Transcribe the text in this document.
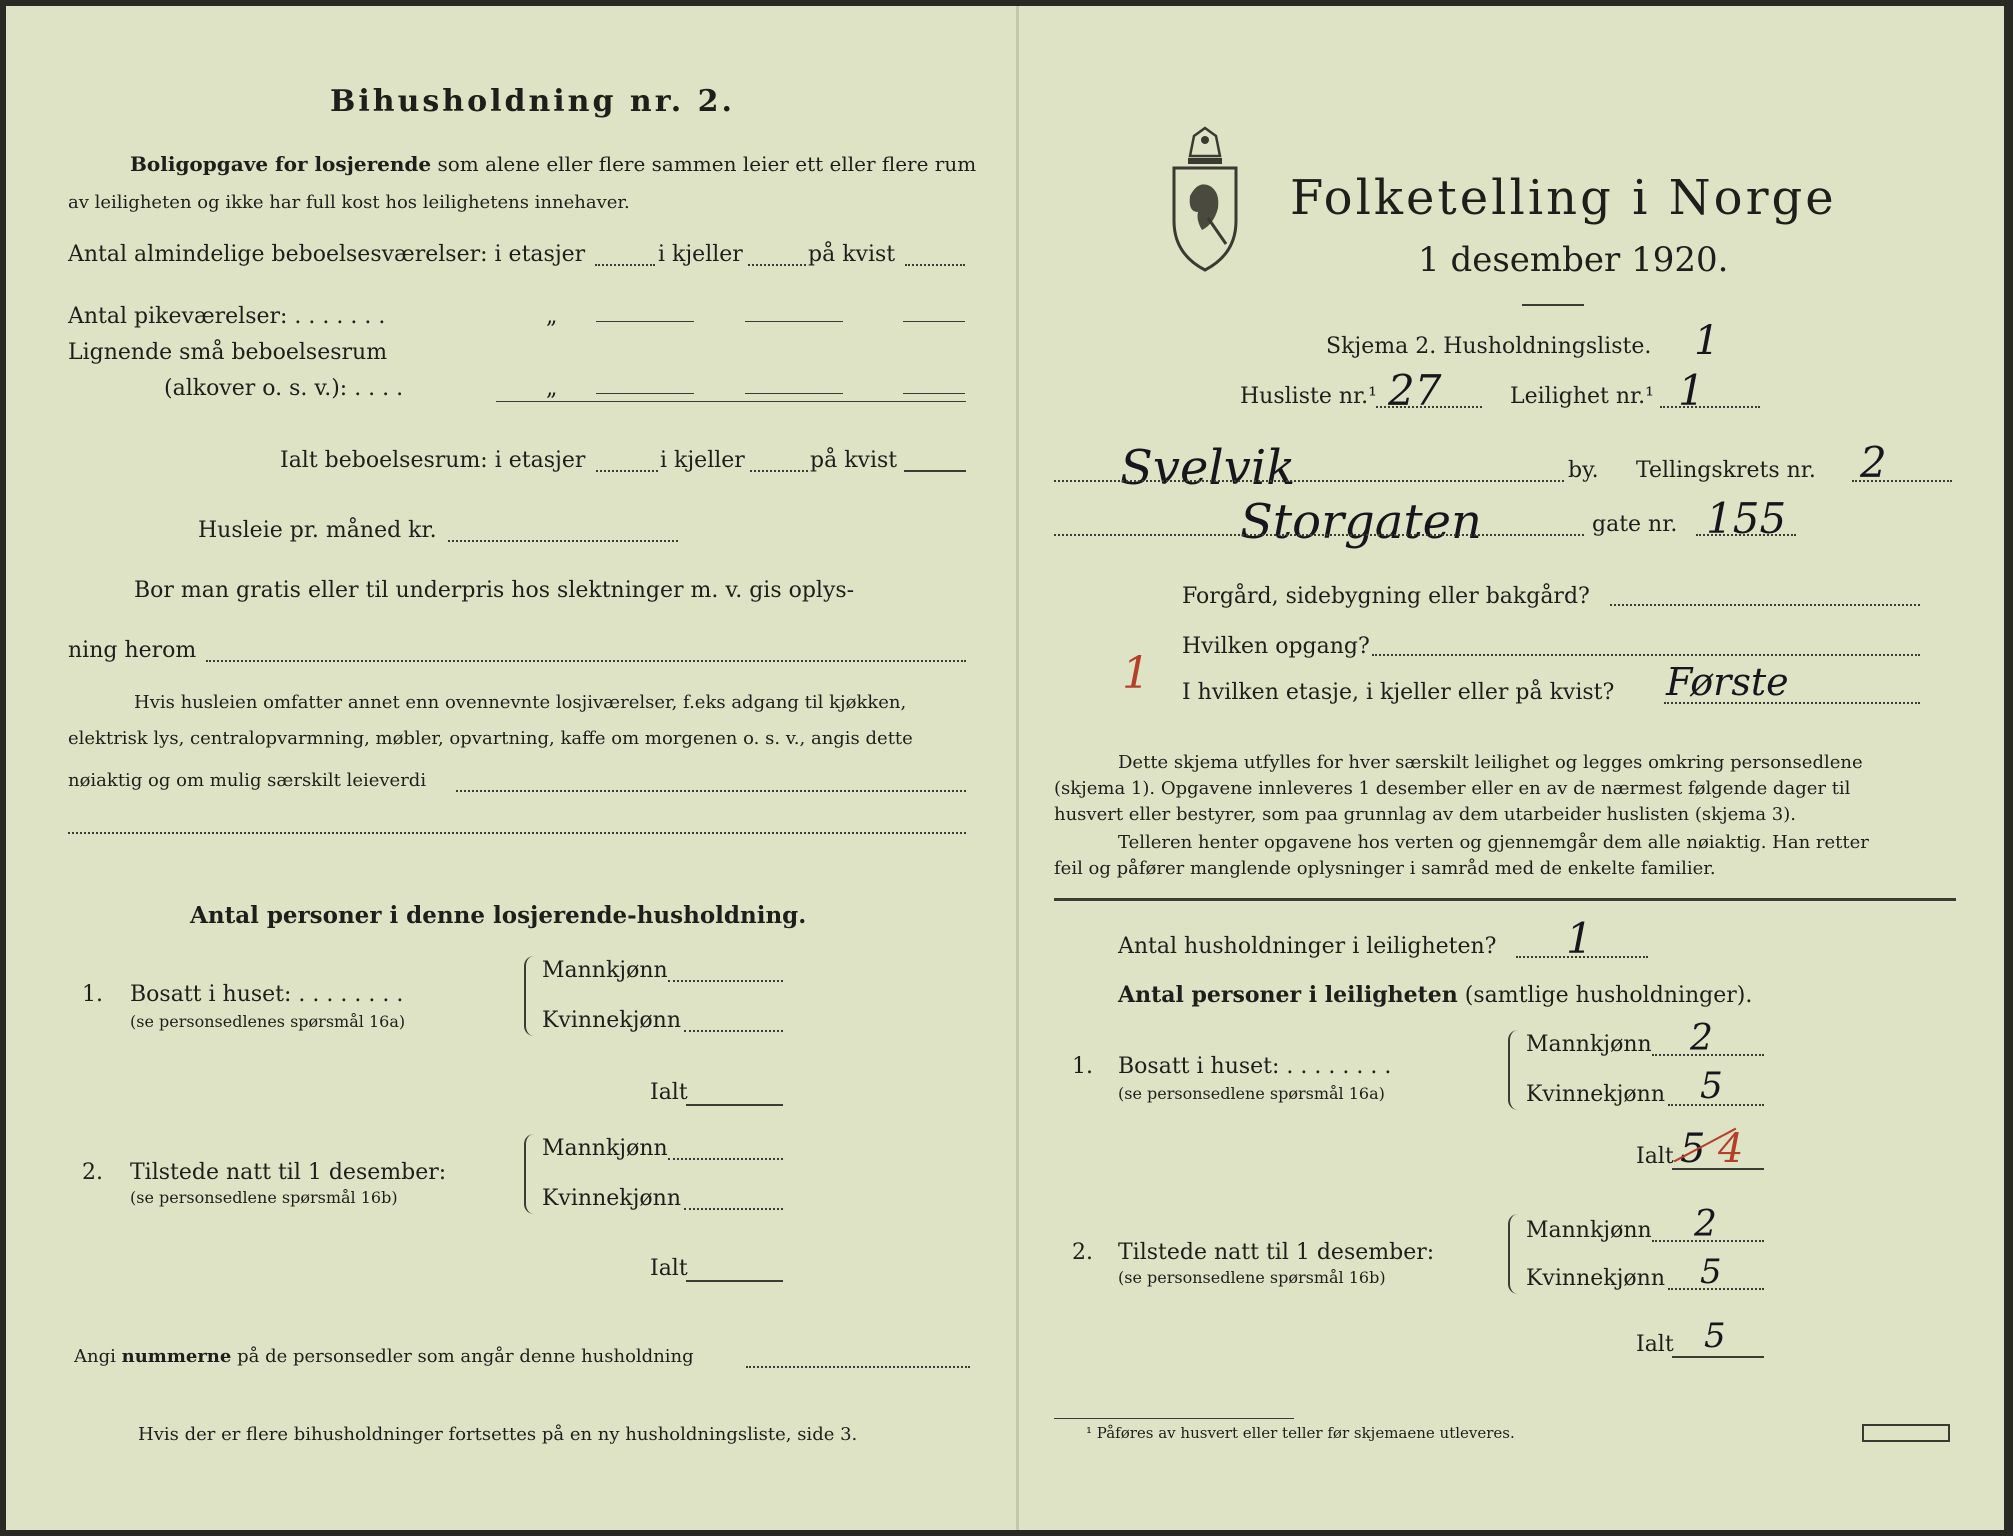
Bihusholdning nr. 2.
Boligopgave for losjerende som alene eller flere sammen leier ett eller flere rum
av leiligheten og ikke har full kost hos leilighetens innehaver.
Antal almindelige beboelsesværelser: i etasjer	i kjeller	på kvist
Antal pikeværelser: . . . . . . .	„
Lignende små beboelsesrum
(alkover o. s. v.): . . . .	„
Ialt beboelsesrum: i etasjer	i kjeller	på kvist
Husleie pr. måned kr.
Bor man gratis eller til underpris hos slektninger m. v. gis oplys-
ning herom
Hvis husleien omfatter annet enn ovennevnte losjiværelser, f.eks adgang til kjøkken,
elektrisk lys, centralopvarmning, møbler, opvartning, kaffe om morgenen o. s. v., angis dette
nøiaktig og om mulig særskilt leieverdi
Antal personer i denne losjerende-husholdning.
1. Bosatt i huset: . . . . . . . .
(se personsedlenes spørsmål 16a)
Mannkjønn
Kvinnekjønn
Ialt
2. Tilstede natt til 1 desember:
(se personsedlene spørsmål 16b)
Mannkjønn
Kvinnekjønn
Ialt
Angi nummerne på de personsedler som angår denne husholdning
Hvis der er flere bihusholdninger fortsettes på en ny husholdningsliste, side 3.
Folketelling i Norge
1 desember 1920.
Skjema 2. Husholdningsliste. 1
Husliste nr.¹ 27	Leilighet nr.¹ 1
Svelvik	by. Tellingskrets nr. 2
Storgaten	gate nr. 155
Forgård, sidebygning eller bakgård?
Hvilken opgang?
I hvilken etasje, i kjeller eller på kvist? Første
1
Dette skjema utfylles for hver særskilt leilighet og legges omkring personsedlene
(skjema 1). Opgavene innleveres 1 desember eller en av de nærmest følgende dager til
husvert eller bestyrer, som paa grunnlag av dem utarbeider huslisten (skjema 3).
Telleren henter opgavene hos verten og gjennemgår dem alle nøiaktig. Han retter
feil og påfører manglende oplysninger i samråd med de enkelte familier.
Antal husholdninger i leiligheten? 1
Antal personer i leiligheten (samtlige husholdninger).
1. Bosatt i huset: . . . . . . . .
(se personsedlene spørsmål 16a)
Mannkjønn 2
Kvinnekjønn 5
Ialt 5 4
2. Tilstede natt til 1 desember:
(se personsedlene spørsmål 16b)
Mannkjønn 2
Kvinnekjønn 5
Ialt 5
¹ Påføres av husvert eller teller før skjemaene utleveres.
